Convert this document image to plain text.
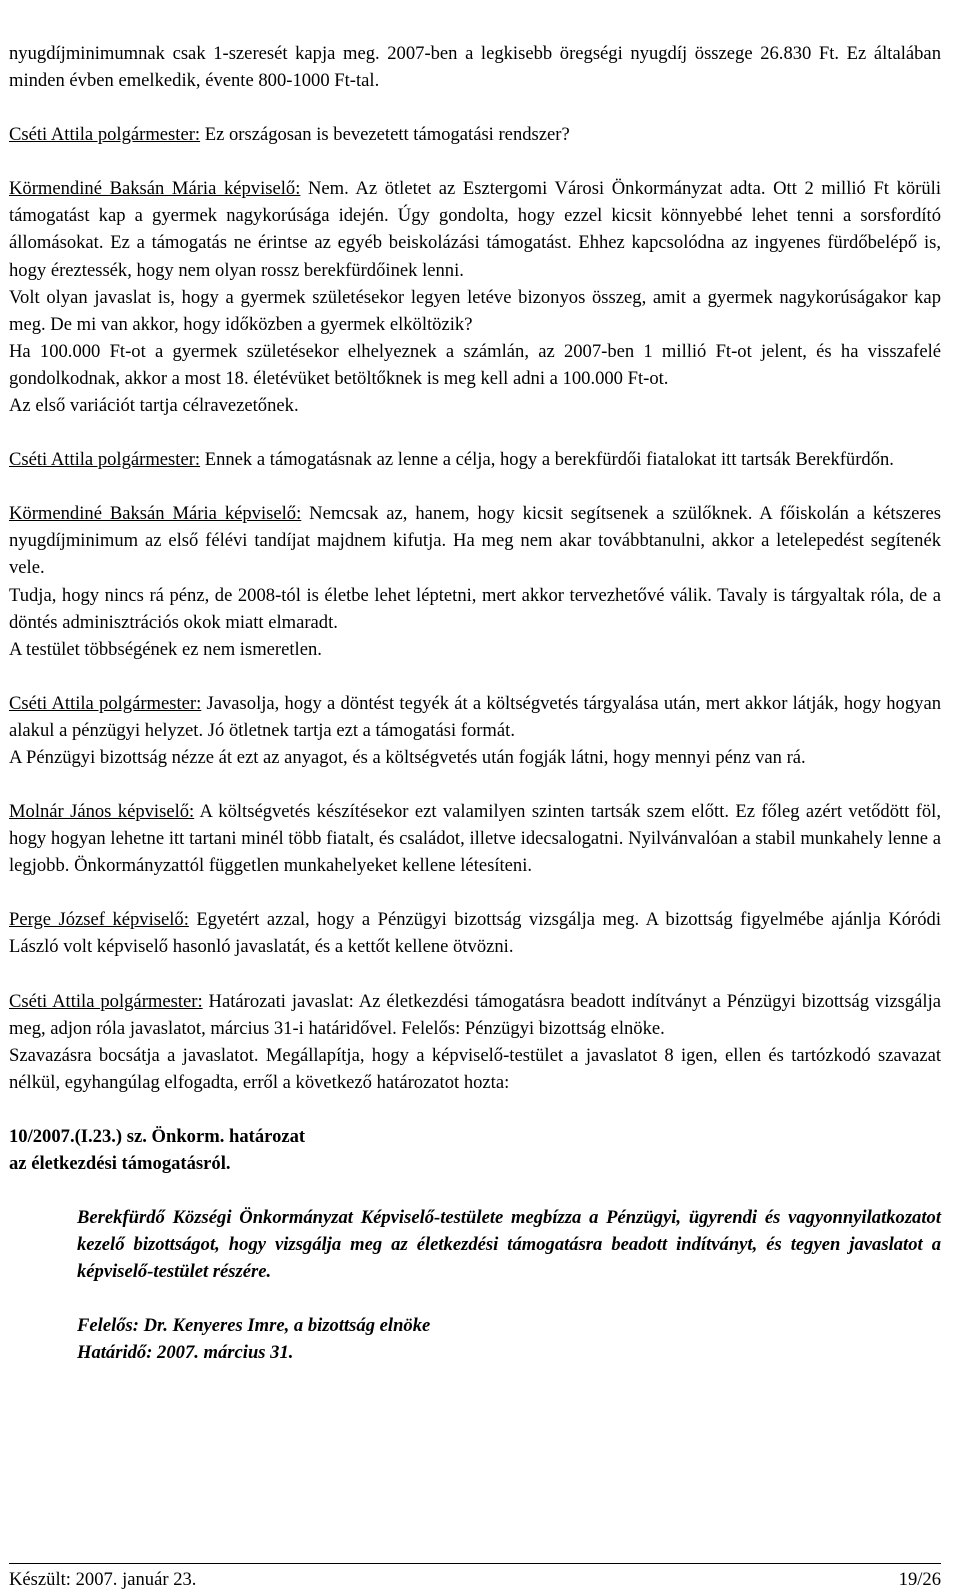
nyugdíjminimumnak csak 1-szeresét kapja meg. 2007-ben a legkisebb öregségi nyugdíj összege 26.830 Ft. Ez általában minden évben emelkedik, évente 800-1000 Ft-tal.

Cséti Attila polgármester: Ez országosan is bevezetett támogatási rendszer?

Körmendiné Baksán Mária képviselő: Nem. Az ötletet az Esztergomi Városi Önkormányzat adta. Ott 2 millió Ft körüli támogatást kap a gyermek nagykorúsága idején. Úgy gondolta, hogy ezzel kicsit könnyebbé lehet tenni a sorsfordító állomásokat. Ez a támogatás ne érintse az egyéb beiskolázási támogatást. Ehhez kapcsolódna az ingyenes fürdőbelépő is, hogy éreztessék, hogy nem olyan rossz berekfürdőinek lenni.

Volt olyan javaslat is, hogy a gyermek születésekor legyen letéve bizonyos összeg, amit a gyermek nagykorúságakor kap meg. De mi van akkor, hogy időközben a gyermek elköltözik?

Ha 100.000 Ft-ot a gyermek születésekor elhelyeznek a számlán, az 2007-ben 1 millió Ft-ot jelent, és ha visszafelé gondolkodnak, akkor a most 18. életévüket betöltőknek is meg kell adni a 100.000 Ft-ot.

Az első variációt tartja célravezetőnek.

Cséti Attila polgármester: Ennek a támogatásnak az lenne a célja, hogy a berekfürdői fiatalokat itt tartsák Berekfürdőn.

Körmendiné Baksán Mária képviselő: Nemcsak az, hanem, hogy kicsit segítsenek a szülőknek. A főiskolán a kétszeres nyugdíjminimum az első félévi tandíjat majdnem kifutja. Ha meg nem akar továbbtanulni, akkor a letelepedést segítenék vele.

Tudja, hogy nincs rá pénz, de 2008-tól is életbe lehet léptetni, mert akkor tervezhetővé válik. Tavaly is tárgyaltak róla, de a döntés adminisztrációs okok miatt elmaradt.

A testület többségének ez nem ismeretlen.

Cséti Attila polgármester: Javasolja, hogy a döntést tegyék át a költségvetés tárgyalása után, mert akkor látják, hogy hogyan alakul a pénzügyi helyzet. Jó ötletnek tartja ezt a támogatási formát.

A Pénzügyi bizottság nézze át ezt az anyagot, és a költségvetés után fogják látni, hogy mennyi pénz van rá.

Molnár János képviselő: A költségvetés készítésekor ezt valamilyen szinten tartsák szem előtt. Ez főleg azért vetődött föl, hogy hogyan lehetne itt tartani minél több fiatalt, és családot, illetve idecsalogatni. Nyilvánvalóan a stabil munkahely lenne a legjobb. Önkormányzattól független munkahelyeket kellene létesíteni.

Perge József képviselő: Egyetért azzal, hogy a Pénzügyi bizottság vizsgálja meg. A bizottság figyelmébe ajánlja Kóródi László volt képviselő hasonló javaslatát, és a kettőt kellene ötvözni.

Cséti Attila polgármester: Határozati javaslat: Az életkezdési támogatásra beadott indítványt a Pénzügyi bizottság vizsgálja meg, adjon róla javaslatot, március 31-i határidővel. Felelős: Pénzügyi bizottság elnöke.

Szavazásra bocsátja a javaslatot. Megállapítja, hogy a képviselő-testület a javaslatot 8 igen, ellen és tartózkodó szavazat nélkül, egyhangúlag elfogadta, erről a következő határozatot hozta:

10/2007.(I.23.) sz. Önkorm. határozat

az életkezdési támogatásról.

Berekfürdő Községi Önkormányzat Képviselő-testülete megbízza a Pénzügyi, ügyrendi és vagyonnyilatkozatot kezelő bizottságot, hogy vizsgálja meg az életkezdési támogatásra beadott indítványt, és tegyen javaslatot a képviselő-testület részére.

Felelős: Dr. Kenyeres Imre, a bizottság elnöke

Határidő: 2007. március 31.

Készült: 2007. január 23.	19/26
